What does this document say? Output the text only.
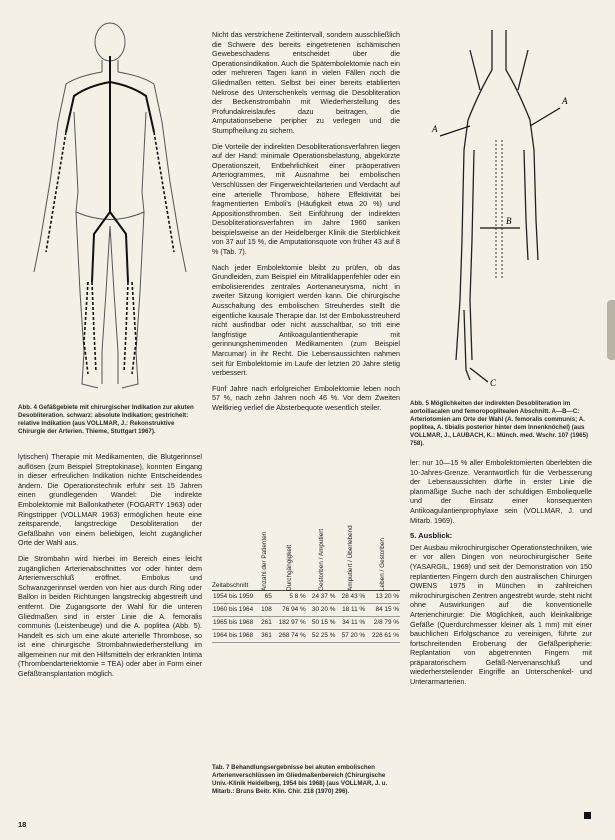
Abb. 4 Gefäßgebiete mit chirurgischer Indikation zur akuten Desobliteration. schwarz: absolute Indikation; gestrichelt: relative Indikation (aus VOLLMAR, J.: Rekonstruktive Chirurgie der Arterien. Thieme, Stuttgart 1967).
A
A
B
C
Abb. 5 Möglichkeiten der indirekten Desobliteration im aortoiliacalen und femoropoplitealen Abschnitt. A—B—C: Arteriotomien am Orte der Wahl (A. femoralis communis; A. poplitea, A. tibialis posterior hinter dem Innenknöchel) (aus VOLLMAR, J., LAUBACH, K.: Münch. med. Wschr. 107 (1965) 758).

lytischen) Therapie mit Medikamenten, die Blutgerinnsel auflösen (zum Beispiel Streptokinase), konnten Eingang in dieser erfreulichen Indikation nichte Entscheidendes ändern. Die Operationstechnik erfuhr seit 15 Jahren einen grundlegenden Wandel: Die indirekte Embolektomie mit Ballonkatheter (FOGARTY 1963) oder Ringstripper (VOLLMAR 1963) ermöglichen heute eine zeitsparende, langstreckige Desobliteration der Gefäßbahn von einem beliebigen, leicht zugänglicher Orte der Wahl aus.

Die Strombahn wird hierbei im Bereich eines leicht zugänglichen Arterienabschnittes vor oder hinter dem Arterienverschluß eröffnet. Embolus und Schwanzgerinnsel werden von hier aus durch Ring oder Ballon in beiden Richtungen langstreckig abgestreift und entfernt. Die Zugangsorte der Wahl für die unteren Gliedmaßen sind in erster Linie die A. femoralis communis (Leistenbeuge) und die A. poplitea (Abb. 5). Handelt es sich um eine akute arterielle Thrombose, so ist eine chirurgische Strombahnwiederherstellung im allgemeinen nur mit den Hilfsmitteln der erkrankten Intima (Thrombendarteriektomie = TEA) oder aber in Form einer Gefäßtransplantation möglich.

Nicht das verstrichene Zeitintervall, sondern ausschließlich die Schwere des bereits eingetretenen ischämischen Gewebeschadens entscheidet über die Operationsindikation. Auch die Spätembolektomie nach ein oder mehreren Tagen kann in vielen Fällen noch die Gliedmaßen retten. Selbst bei einer bereits etablierten Nekrose des Unterschenkels vermag die Desobliteration der Beckenstrombahn mit Wiederherstellung des Profundakreislaufes dazu beitragen, die Amputationsebene peripher zu verlegen und die Stumpfheilung zu sichern.

Die Vorteile der indirekten Desobliterationsverfahren liegen auf der Hand: minimale Operationsbelastung, abgekürzte Operationszeit, Entbehrlichkeit einer präoperativen Arteriogrammes, mit Ausnahme bei embolischen Verschlüssen der Fingerweichteilarterien und Verdacht auf eine arterielle Thrombose, höhere Effektivität bei fragmentierten Emboli's (Häufigkeit etwa 20 %) und Appositionsthromben. Seit Einführung der indirekten Desobliterationsverfahren im Jahre 1960 sanken beispielsweise an der Heidelberger Klinik die Sterblichkeit von 37 auf 15 %, die Amputationsquote von früher 43 auf 8 % (Tab. 7).

Nach jeder Embolektomie bleibt zu prüfen, ob das Grundleiden, zum Beispiel ein Mitralklappenfehler oder ein embolisierendes zentrales Aortenaneurysma, nicht in zweiter Sitzung korrigiert werden kann. Die chirurgische Ausschaltung des embolischen Streuherdes stellt die eigentliche kausale Therapie dar. Ist der Embolusstreuherd nicht ausfindbar oder nicht ausschaltbar, so tritt eine langfristige Antikoagulantientherapie mit gerinnungshemmenden Medikamenten (zum Beispiel Marcumar) in ihr Recht. Die Lebensaussichten nahmen seit für Embolektomie im Laufe der letzten 20 Jahre stetig verbessert.

Fünf Jahre nach erfolgreicher Embolektomie leben noch 57 %, nach zehn Jahren noch 46 %. Vor dem Zweiten Weltkrieg verlief die Absterbequote wesentlich steiler.

Zeitabschnitt	Anzahl der Patienten	Durchgängigkeit	Gestorben / Amputiert	Amputiert / Überlebend	Leben / Gestorben
1954 bis 1959	65	5 8 %	24 37 %	28 43 %	13 20 %
1960 bis 1964	108	76 94 %	30 20 %	18 11 %	84 15 %
1965 bis 1968	261	182 97 %	50 15 %	34 11 %	2/8 79 %
1964 bis 1968	361	268 74 %	52 25 %	57 20 %	226 61 %
Tab. 7 Behandlungsergebnisse bei akuten embolischen Arterienverschlüssen im Gliedmaßenbereich (Chirurgische Univ.-Klinik Heidelberg, 1954 bis 1968) (aus VOLLMAR, J. u. Mitarb.: Bruns Beitr. Klin. Chir. 218 (1970) 296).

ler: nur 10—15 % aller Embolektomierten überlebten die 10-Jahres-Grenze. Verantwortlich für die Verbesserung der Lebensaussichten dürfte in erster Linie die planmäßige Suche nach der schuldigen Emboliequelle und der Einsatz einer konsequenten Antikoagulantienprophylaxe sein (VOLLMAR, J. und Mitarb. 1969).

5. Ausblick:

Der Ausbau mikrochirurgischer Operationstechniken, wie er vor allen Dingen von neurochirurgischer Seite (YASARGIL, 1969) und seit der Demonstration von 150 replantierten Fingern durch den australischen Chirurgen OWENS 1975 in München in zahlreichen mikrochirurgischen Zentren angestrebt wurde, steht nicht ohne Auswirkungen auf die konventionelle Arterienchirurgie: Die Möglichkeit, auch kleinkalibrige Gefäße (Querdurchmesser kleiner als 1 mm) mit einer bauchlichen Erfolgschance zu vereinigen, führte zur fortschreitenden Eroberung der Gefäßperipherie: Replantation von abgetrennten Fingern mit präparatorischem Gefäß-Nervenanschluß und wiederhersteilender Eingriffe an Unterschenkel- und Unterarmarterien.

18
